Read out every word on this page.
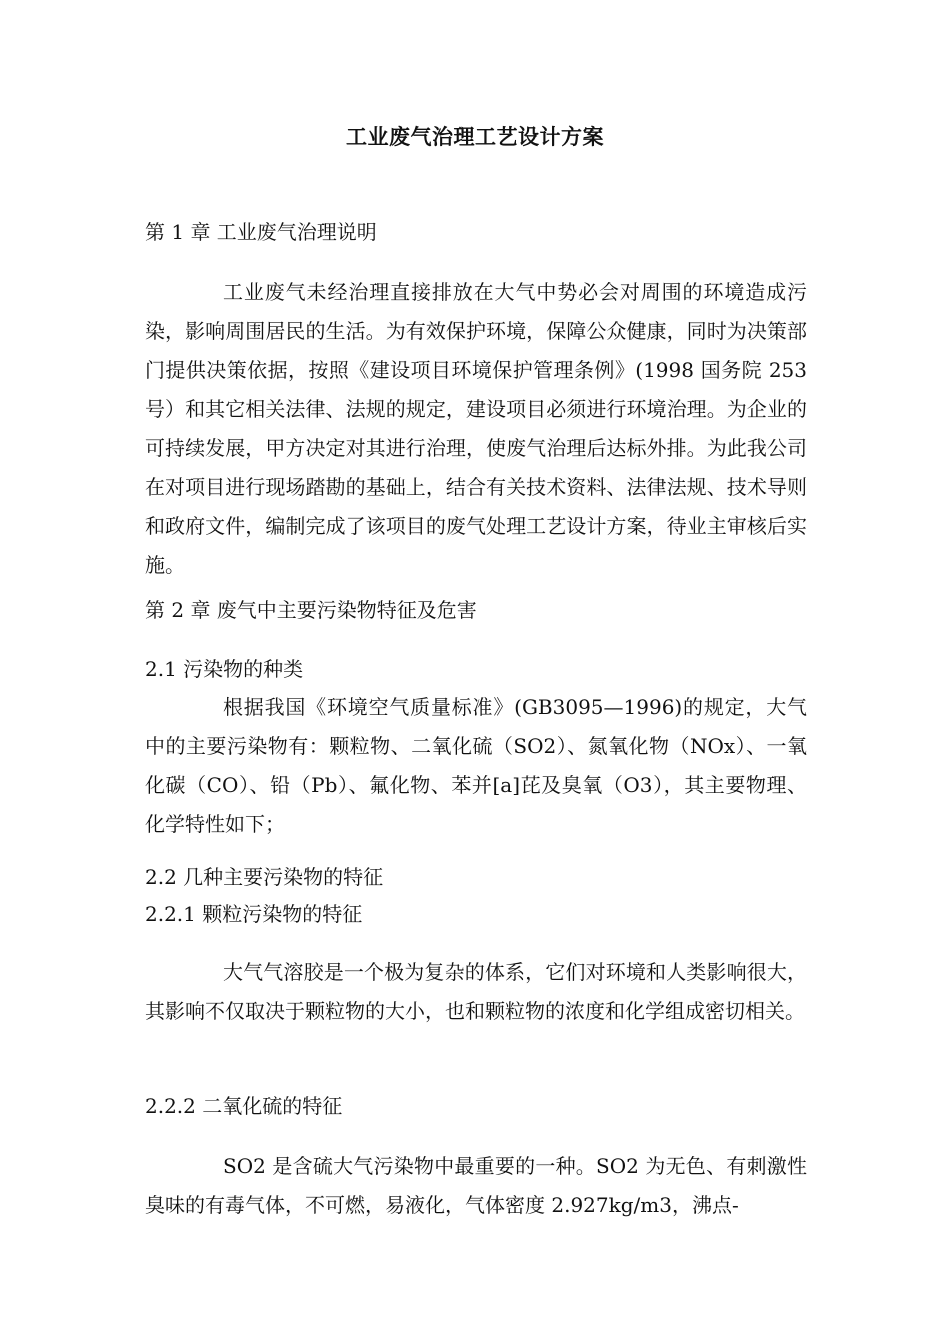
工业废气治理工艺设计方案
第 1 章 工业废气治理说明
工业废气未经治理直接排放在大气中势必会对周围的环境造成污染，影响周围居民的生活。为有效保护环境，保障公众健康，同时为决策部门提供决策依据，按照《建设项目环境保护管理条例》(1998 国务院 253 号）和其它相关法律、法规的规定，建设项目必须进行环境治理。为企业的可持续发展，甲方决定对其进行治理，使废气治理后达标外排。为此我公司在对项目进行现场踏勘的基础上，结合有关技术资料、法律法规、技术导则和政府文件，编制完成了该项目的废气处理工艺设计方案，待业主审核后实施。
第 2 章 废气中主要污染物特征及危害
2.1 污染物的种类
根据我国《环境空气质量标准》(GB3095—1996)的规定，大气中的主要污染物有：颗粒物、二氧化硫（SO2）、氮氧化物（NOx）、一氧化碳（CO）、铅（Pb）、氟化物、苯并[a]芘及臭氧（O3），其主要物理、化学特性如下；
2.2 几种主要污染物的特征
2.2.1 颗粒污染物的特征
大气气溶胶是一个极为复杂的体系，它们对环境和人类影响很大，其影响不仅取决于颗粒物的大小，也和颗粒物的浓度和化学组成密切相关。
2.2.2 二氧化硫的特征
SO2 是含硫大气污染物中最重要的一种。SO2 为无色、有刺激性臭味的有毒气体，不可燃，易液化，气体密度 2.927kg/m3，沸点-
